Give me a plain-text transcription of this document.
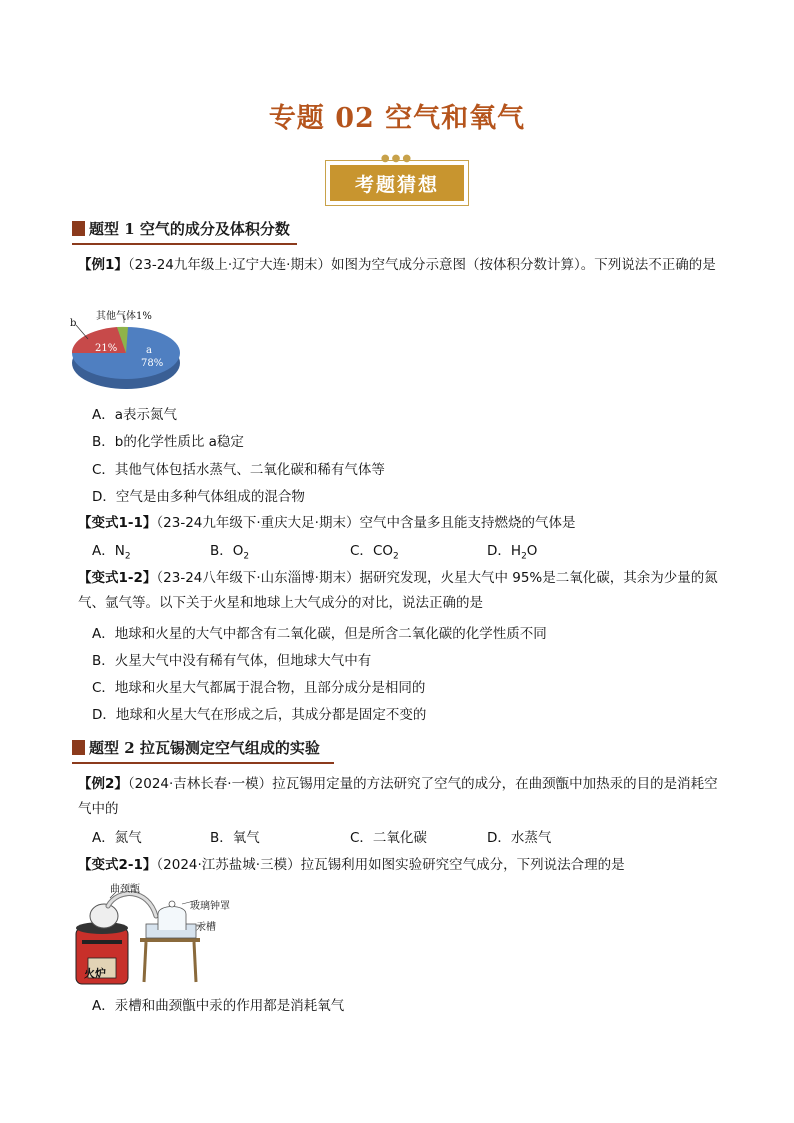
专题 02 空气和氧气
●●●
考题猜想
题型 1 空气的成分及体积分数
【例1】（23-24九年级上·辽宁大连·期末）如图为空气成分示意图（按体积分数计算）。下列说法不正确的是
b
其他气体1%
21%	a
78%
A．a表示氮气
B．b的化学性质比 a稳定
C．其他气体包括水蒸气、二氧化碳和稀有气体等
D．空气是由多种气体组成的混合物
【变式1-1】（23-24九年级下·重庆大足·期末）空气中含量多且能支持燃烧的气体是
A．$N_2$	B．$O_2$	C．$CO_2$	D．$H_2O$
【变式1-2】（23-24八年级下·山东淄博·期末）据研究发现，火星大气中 95%是二氧化碳，其余为少量的氮气、氩气等。以下关于火星和地球上大气成分的对比，说法正确的是
A．地球和火星的大气中都含有二氧化碳，但是所含二氧化碳的化学性质不同
B．火星大气中没有稀有气体，但地球大气中有
C．地球和火星大气都属于混合物，且部分成分是相同的
D．地球和火星大气在形成之后，其成分都是固定不变的
题型 2 拉瓦锡测定空气组成的实验
【例2】（2024·吉林长春·一模）拉瓦锡用定量的方法研究了空气的成分，在曲颈甑中加热汞的目的是消耗空气中的
A．氮气	B．氧气	C．二氧化碳	D．水蒸气
【变式2-1】（2024·江苏盐城·三模）拉瓦锡利用如图实验研究空气成分，下列说法合理的是
曲颈甑
玻璃钟罩
汞槽
火炉
A．汞槽和曲颈甑中汞的作用都是消耗氧气
